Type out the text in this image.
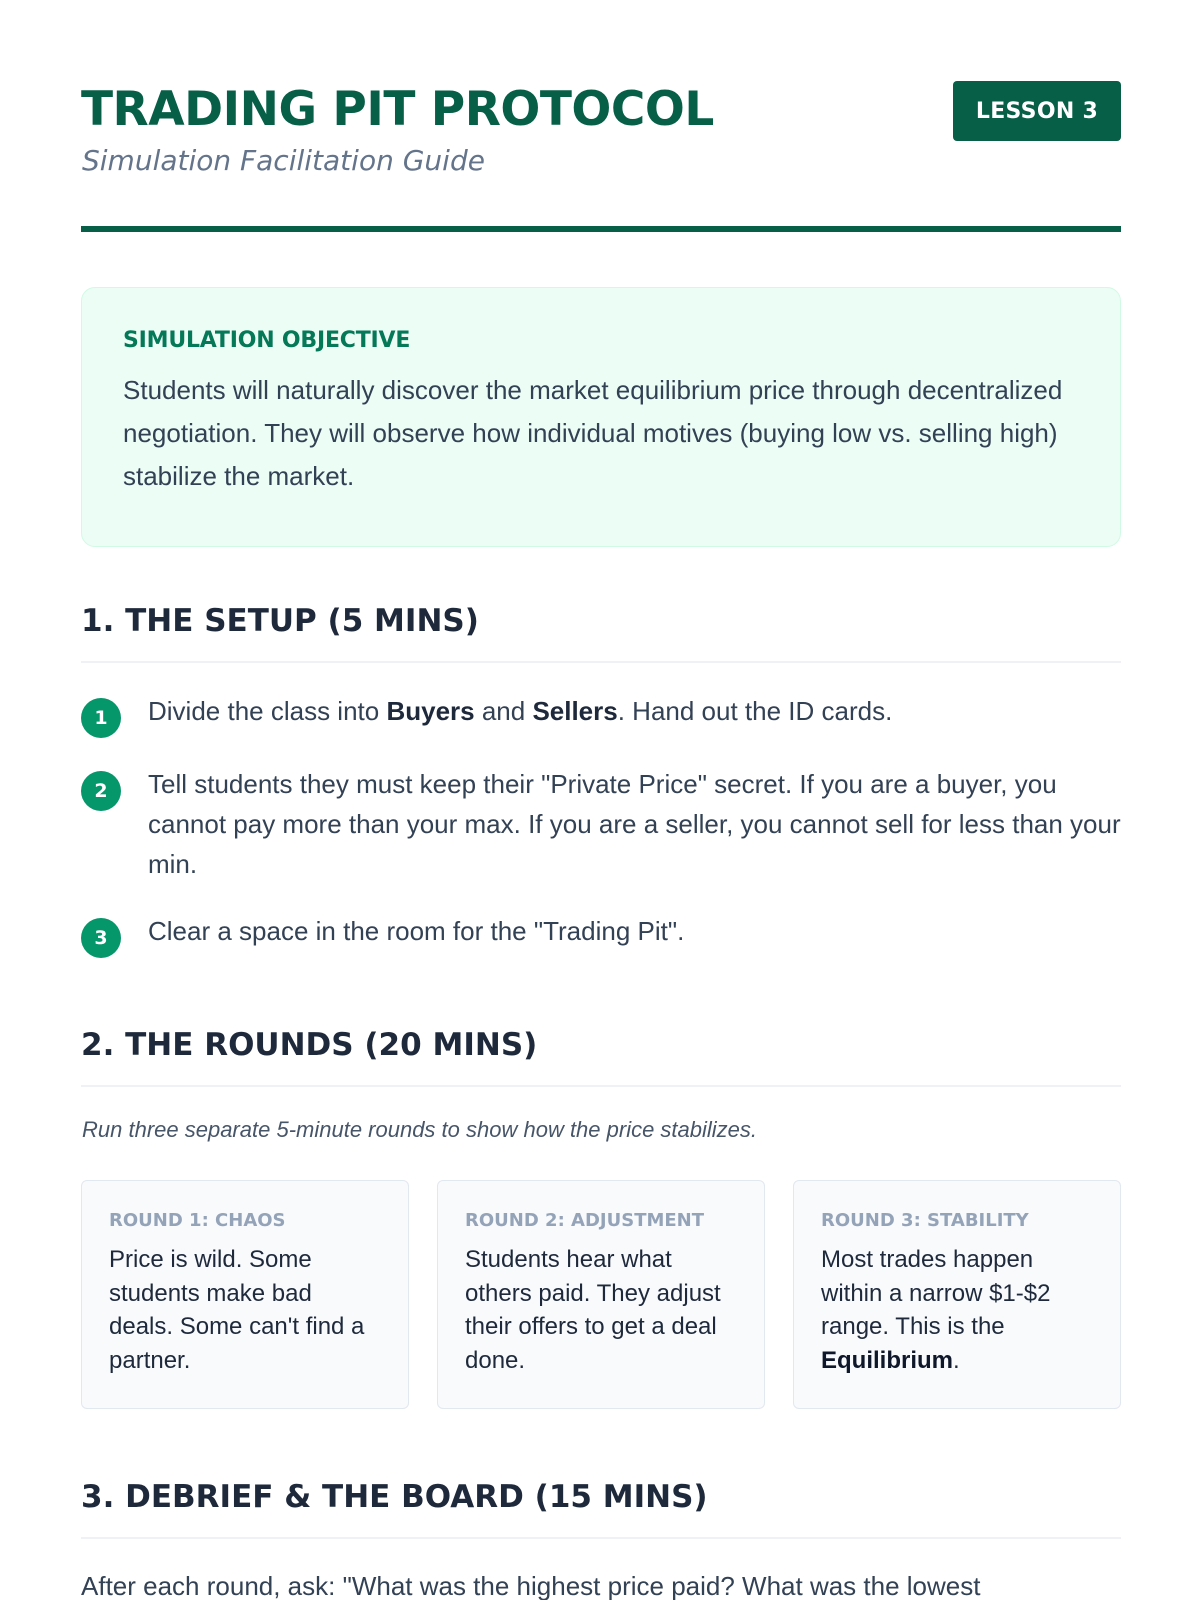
TRADING PIT PROTOCOL
Simulation Facilitation Guide
LESSON 3
SIMULATION OBJECTIVE

Students will naturally discover the market equilibrium price through decentralized negotiation. They will observe how individual motives (buying low vs. selling high) stabilize the market.

1. THE SETUP (5 MINS)
1	Divide the class into Buyers and Sellers. Hand out the ID cards.

2	Tell students they must keep their "Private Price" secret. If you are a buyer, you cannot pay more than your max. If you are a seller, you cannot sell for less than your min.

3	Clear a space in the room for the "Trading Pit".

2. THE ROUNDS (20 MINS)

Run three separate 5-minute rounds to show how the price stabilizes.

ROUND 1: CHAOS

Price is wild. Some students make bad deals. Some can't find a partner.

ROUND 2: ADJUSTMENT

Students hear what others paid. They adjust their offers to get a deal done.

ROUND 3: STABILITY

Most trades happen within a narrow $1-$2 range. This is the Equilibrium.

3. DEBRIEF & THE BOARD (15 MINS)

After each round, ask: "What was the highest price paid? What was the lowest
